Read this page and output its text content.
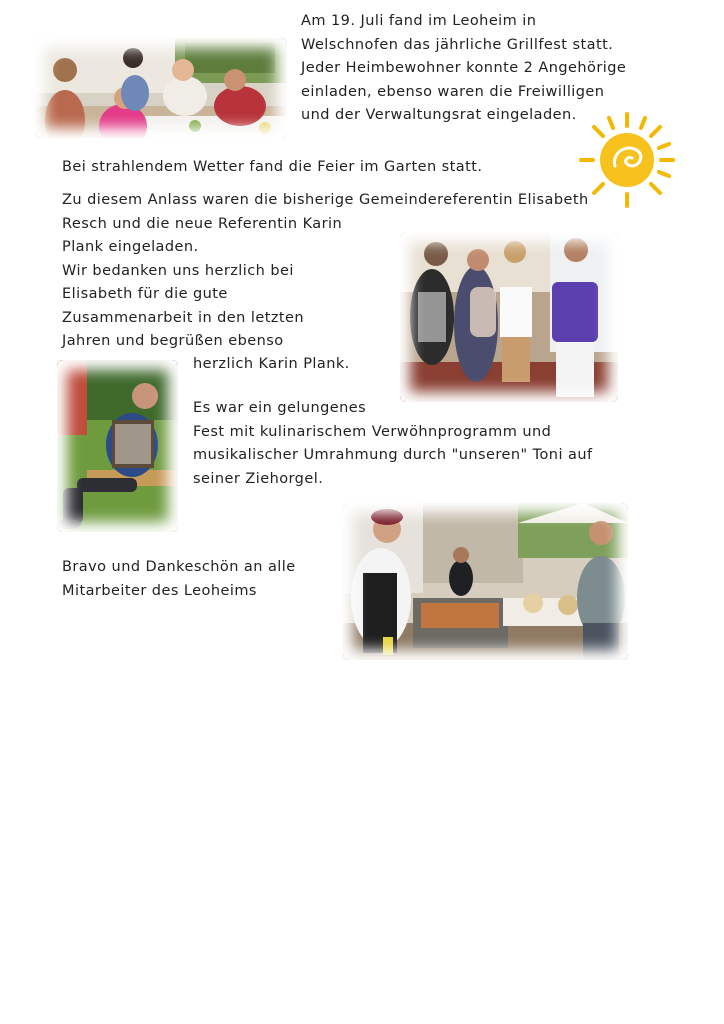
Am 19. Juli fand im Leoheim in
Welschnofen das jährliche Grillfest statt.
Jeder Heimbewohner konnte 2 Angehörige
einladen, ebenso waren die Freiwilligen
und der Verwaltungsrat eingeladen.
Bei strahlendem Wetter fand die Feier im Garten statt.
Zu diesem Anlass waren die bisherige Gemeindereferentin Elisabeth
Resch und die neue Referentin Karin
Plank eingeladen.
Wir bedanken uns herzlich bei
Elisabeth für die gute
Zusammenarbeit in den letzten
Jahren und begrüßen ebenso
herzlich Karin Plank.
Es war ein gelungenes
Fest mit kulinarischem Verwöhnprogramm und
musikalischer Umrahmung durch "unseren" Toni auf
seiner Ziehorgel.
Bravo und Dankeschön an alle
Mitarbeiter des Leoheims
